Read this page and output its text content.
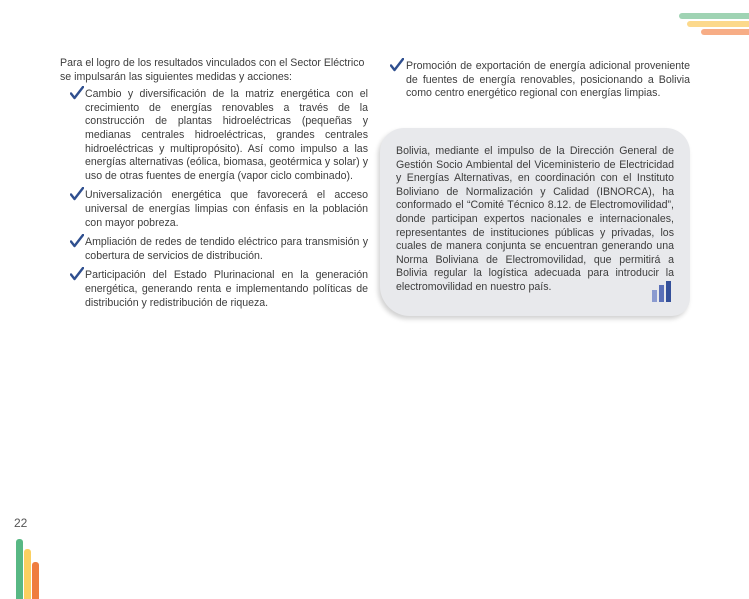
Para el logro de los resultados vinculados con el Sector Eléctrico se impulsarán las siguientes medidas y acciones:

Cambio y diversificación de la matriz energética con el crecimiento de energías renovables a través de la construcción de plantas hidroeléctricas (pequeñas y medianas centrales hidroeléctricas, grandes centrales hidroeléctricas y multipropósito). Así como impulso a las energías alternativas (eólica, biomasa, geotérmica y solar) y uso de otras fuentes de energía (vapor ciclo combinado).
Universalización energética que favorecerá el acceso universal de energías limpias con énfasis en la población con mayor pobreza.
Ampliación de redes de tendido eléctrico para transmisión y cobertura de servicios de distribución.
Participación del Estado Plurinacional en la generación energética, generando renta e implementando políticas de distribución y redistribución de riqueza.
Promoción de exportación de energía adicional proveniente de fuentes de energía renovables, posicionando a Bolivia como centro energético regional con energías limpias.

Bolivia, mediante el impulso de la Dirección General de Gestión Socio Ambiental del Viceministerio de Electricidad y Energías Alternativas, en coordinación con el Instituto Boliviano de Normalización y Calidad (IBNORCA), ha conformado el “Comité Técnico 8.12. de Electromovilidad”, donde participan expertos nacionales e internacionales, representantes de instituciones públicas y privadas, los cuales de manera conjunta se encuentran generando una Norma Boliviana de Electromovilidad, que permitirá a Bolivia regular la logística adecuada para introducir la electromovilidad en nuestro país.

22
